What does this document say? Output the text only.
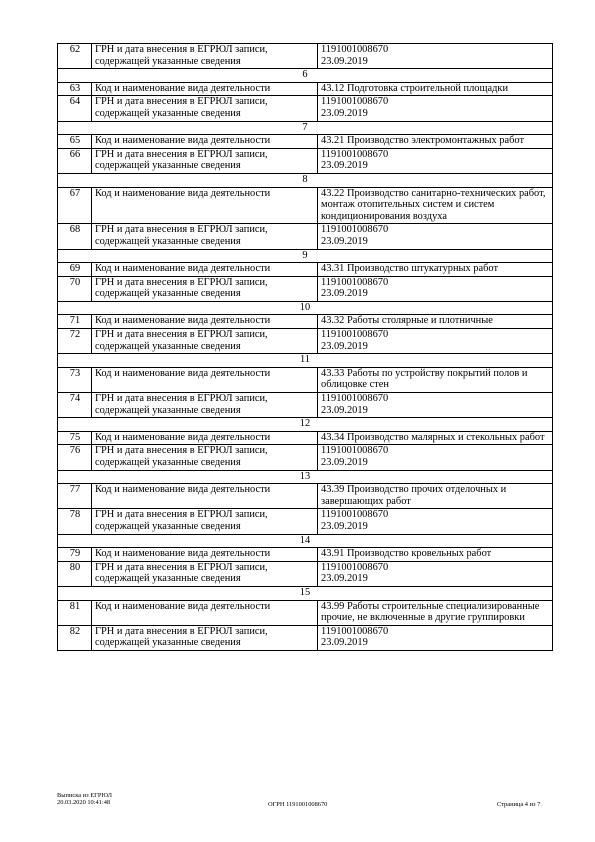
62	ГРН и дата внесения в ЕГРЮЛ записи, содержащей указанные сведения	1191001008670
23.09.2019

6		
63	Код и наименование вида деятельности	43.12 Подготовка строительной площадки

64	ГРН и дата внесения в ЕГРЮЛ записи, содержащей указанные сведения	1191001008670
23.09.2019

7		
65	Код и наименование вида деятельности	43.21 Производство электромонтажных работ

66	ГРН и дата внесения в ЕГРЮЛ записи, содержащей указанные сведения	1191001008670
23.09.2019

8		
67	Код и наименование вида деятельности	43.22 Производство санитарно-технических работ, монтаж отопительных систем и систем кондиционирования воздуха

68	ГРН и дата внесения в ЕГРЮЛ записи, содержащей указанные сведения	1191001008670
23.09.2019

9		
69	Код и наименование вида деятельности	43.31 Производство штукатурных работ

70	ГРН и дата внесения в ЕГРЮЛ записи, содержащей указанные сведения	1191001008670
23.09.2019

10		
71	Код и наименование вида деятельности	43.32 Работы столярные и плотничные

72	ГРН и дата внесения в ЕГРЮЛ записи, содержащей указанные сведения	1191001008670
23.09.2019

11		
73	Код и наименование вида деятельности	43.33 Работы по устройству покрытий полов и облицовке стен

74	ГРН и дата внесения в ЕГРЮЛ записи, содержащей указанные сведения	1191001008670
23.09.2019

12		
75	Код и наименование вида деятельности	43.34 Производство малярных и стекольных работ

76	ГРН и дата внесения в ЕГРЮЛ записи, содержащей указанные сведения	1191001008670
23.09.2019

13		
77	Код и наименование вида деятельности	43.39 Производство прочих отделочных и завершающих работ

78	ГРН и дата внесения в ЕГРЮЛ записи, содержащей указанные сведения	1191001008670
23.09.2019

14		
79	Код и наименование вида деятельности	43.91 Производство кровельных работ

80	ГРН и дата внесения в ЕГРЮЛ записи, содержащей указанные сведения	1191001008670
23.09.2019

15		
81	Код и наименование вида деятельности	43.99 Работы строительные специализированные прочие, не включенные в другие группировки

82	ГРН и дата внесения в ЕГРЮЛ записи, содержащей указанные сведения	1191001008670
23.09.2019
Выписка из ЕГРЮЛ
20.03.2020 10:41:48	ОГРН 1191001008670	Страница 4 из 7
